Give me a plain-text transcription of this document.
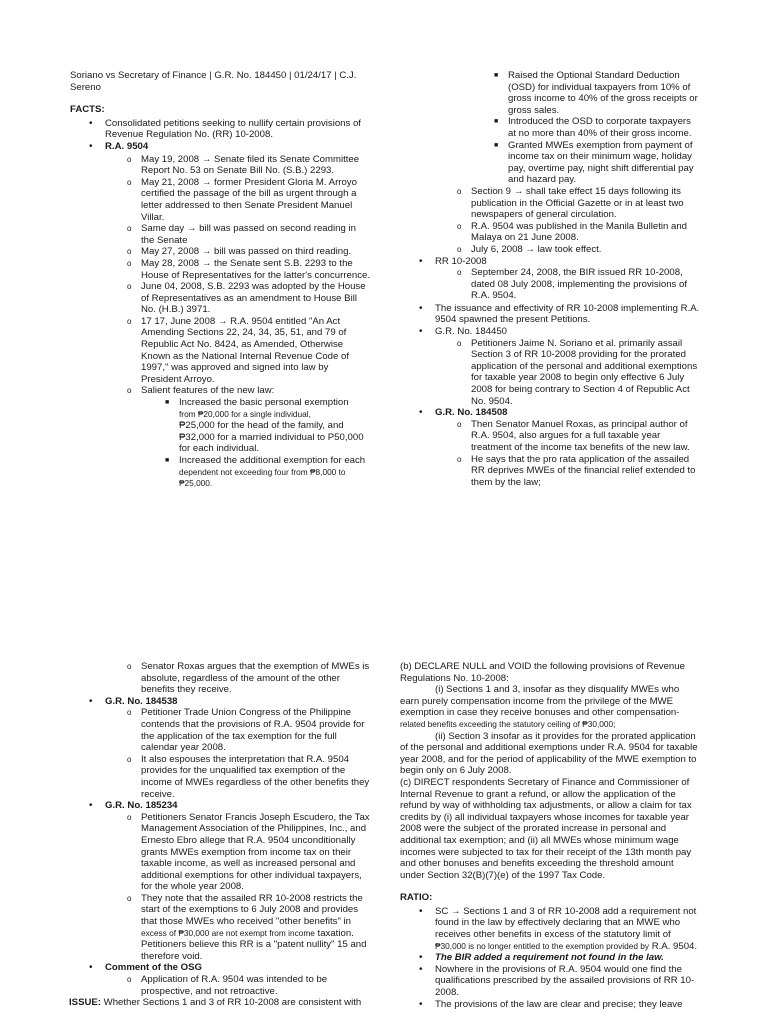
Soriano vs Secretary of Finance | G.R. No. 184450 | 01/24/17 | C.J. Sereno

FACTS:

• Consolidated petitions seeking to nullify certain provisions of Revenue Regulation No. (RR) 10-2008.
• R.A. 9504
o May 19, 2008 → Senate filed its Senate Committee Report No. 53 on Senate Bill No. (S.B.) 2293.
o May 21, 2008 → former President Gloria M. Arroyo certified the passage of the bill as urgent through a letter addressed to then Senate President Manuel Villar.
o Same day → bill was passed on second reading in the Senate
o May 27, 2008 → bill was passed on third reading.
o May 28, 2008 → the Senate sent S.B. 2293 to the House of Representatives for the latter's concurrence.
o June 04, 2008, S.B. 2293 was adopted by the House of Representatives as an amendment to House Bill No. (H.B.) 3971.
o 17 17, June 2008 → R.A. 9504 entitled "An Act Amending Sections 22, 24, 34, 35, 51, and 79 of Republic Act No. 8424, as Amended, Otherwise Known as the National Internal Revenue Code of 1997," was approved and signed into law by President Arroyo.
o Salient features of the new law:
■ Increased the basic personal exemption
from ₱20,000 for a single individual,
₱25,000 for the head of the family, and ₱32,000 for a married individual to P50,000 for each individual.
■ Increased the additional exemption for each
dependent not exceeding four from ₱8,000 to ₱25,000.
■ Raised the Optional Standard Deduction (OSD) for individual taxpayers from 10% of gross income to 40% of the gross receipts or gross sales.
■ Introduced the OSD to corporate taxpayers at no more than 40% of their gross income.
■ Granted MWEs exemption from payment of income tax on their minimum wage, holiday pay, overtime pay, night shift differential pay and hazard pay.
o Section 9 → shall take effect 15 days following its publication in the Official Gazette or in at least two newspapers of general circulation.
o R.A. 9504 was published in the Manila Bulletin and Malaya on 21 June 2008.
o July 6, 2008 → law took effect.
• RR 10-2008
o September 24, 2008, the BIR issued RR 10-2008, dated 08 July 2008, implementing the provisions of R.A. 9504.
• The issuance and effectivity of RR 10-2008 implementing R.A. 9504 spawned the present Petitions.
• G.R. No. 184450
o Petitioners Jaime N. Soriano et al. primarily assail Section 3 of RR 10-2008 providing for the prorated application of the personal and additional exemptions for taxable year 2008 to begin only effective 6 July 2008 for being contrary to Section 4 of Republic Act No. 9504.
• G.R. No. 184508
o Then Senator Manuel Roxas, as principal author of R.A. 9504, also argues for a full taxable year treatment of the income tax benefits of the new law.
o He says that the pro rata application of the assailed RR deprives MWEs of the financial relief extended to them by the law;
o Senator Roxas argues that the exemption of MWEs is absolute, regardless of the amount of the other benefits they receive.
• G.R. No. 184538
o Petitioner Trade Union Congress of the Philippine contends that the provisions of R.A. 9504 provide for the application of the tax exemption for the full calendar year 2008.
o It also espouses the interpretation that R.A. 9504 provides for the unqualified tax exemption of the income of MWEs regardless of the other benefits they receive.
• G.R. No. 185234
o Petitioners Senator Francis Joseph Escudero, the Tax Management Association of the Philippines, Inc., and Ernesto Ebro allege that R.A. 9504 unconditionally grants MWEs exemption from income tax on their taxable income, as well as increased personal and additional exemptions for other individual taxpayers, for the whole year 2008.
o They note that the assailed RR 10-2008 restricts the start of the exemptions to 6 July 2008 and provides that those MWEs who received "other benefits" in excess of ₱30,000 are not exempt from income taxation. Petitioners believe this RR is a "patent nullity" 15 and therefore void.
• Comment of the OSG
o Application of R.A. 9504 was intended to be prospective, and not retroactive.

ISSUE: Whether Sections 1 and 3 of RR 10-2008 are consistent with

(b) DECLARE NULL and VOID the following provisions of Revenue Regulations No. 10-2008:

(i) Sections 1 and 3, insofar as they disqualify MWEs who earn purely compensation income from the privilege of the MWE exemption in case they receive bonuses and other compensation- related benefits exceeding the statutory ceiling of ₱30,000;

(ii) Section 3 insofar as it provides for the prorated application of the personal and additional exemptions under R.A. 9504 for taxable year 2008, and for the period of applicability of the MWE exemption to begin only on 6 July 2008.

(c) DIRECT respondents Secretary of Finance and Commissioner of Internal Revenue to grant a refund, or allow the application of the refund by way of withholding tax adjustments, or allow a claim for tax credits by (i) all individual taxpayers whose incomes for taxable year 2008 were the subject of the prorated increase in personal and additional tax exemption; and (ii) all MWEs whose minimum wage incomes were subjected to tax for their receipt of the 13th month pay and other bonuses and benefits exceeding the threshold amount under Section 32(B)(7)(e) of the 1997 Tax Code.

RATIO:

• SC → Sections 1 and 3 of RR 10-2008 add a requirement not found in the law by effectively declaring that an MWE who receives other benefits in excess of the statutory limit of ₱30,000 is no longer entitled to the exemption provided by R.A. 9504.
• The BIR added a requirement not found in the law.
• Nowhere in the provisions of R.A. 9504 would one find the qualifications prescribed by the assailed provisions of RR 10-2008.
• The provisions of the law are clear and precise; they leave
